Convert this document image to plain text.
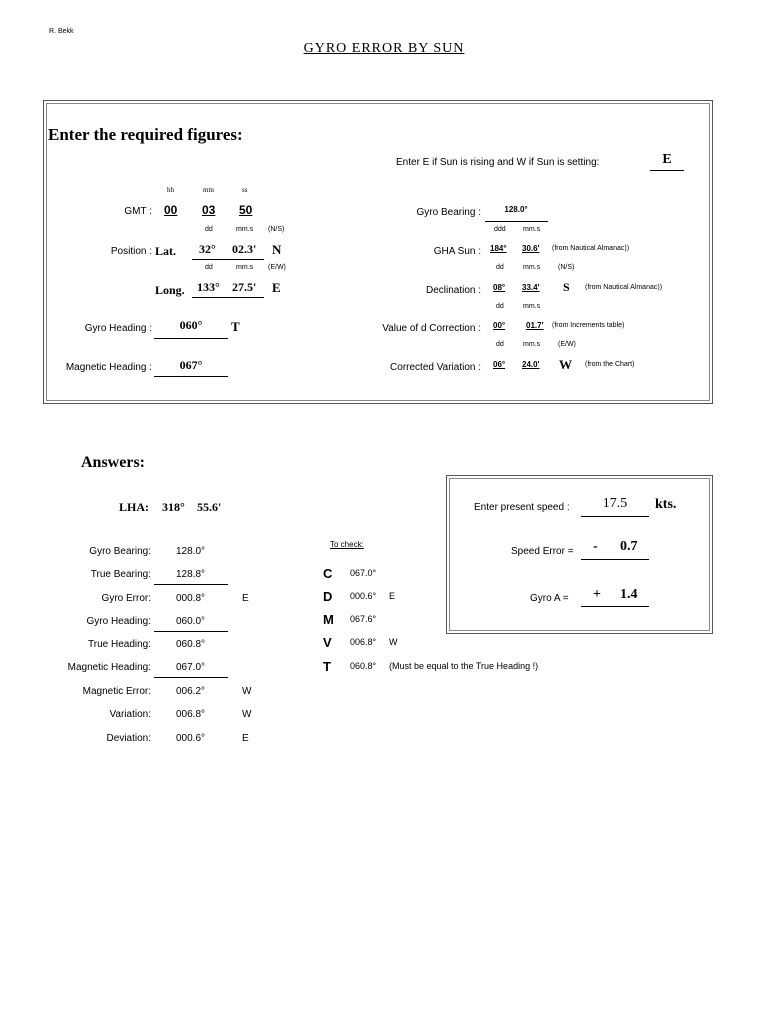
R. Bekk
GYRO ERROR BY SUN
Enter the required figures:
Enter E if Sun is rising and W if Sun is setting:	E
hh	mm	ss
GMT : 00 03 50
dd	mm.s (N/S)
Position : Lat. 32° 02.3' N
dd	mm.s (E/W)
Long. 133° 27.5' E
Gyro Heading :	060°	T
Magnetic Heading :	067°
Gyro Bearing :	128.0°
ddd mm.s
GHA Sun : 184° 30.6' (from Nautical Almanac))
dd	mm.s	(N/S)
Declination : 08° 33.4' S (from Nautical Almanac))
dd	mm.s
Value of d Correction : 00°	01.7' (from Increments table)
dd	mm.s	(E/W)
Corrected Variation : 06° 24.0' W (from the Chart)
Answers:
LHA: 318° 55.6'
Gyro Bearing:	128.0°
True Bearing:	128.8°
Gyro Error:	000.8°	E
Gyro Heading:	060.0°
True Heading:	060.8°
Magnetic Heading:	067.0°
Magnetic Error:	006.2°	W
Variation:	006.8°	W
Deviation:	000.6°	E
To check:
C 067.0°
D 000.6° E
M 067.6°
V 006.8° W
T 060.8° (Must be equal to the True Heading !)
Enter present speed :	17.5	kts.
Speed Error = - 0.7
Gyro A = + 1.4
